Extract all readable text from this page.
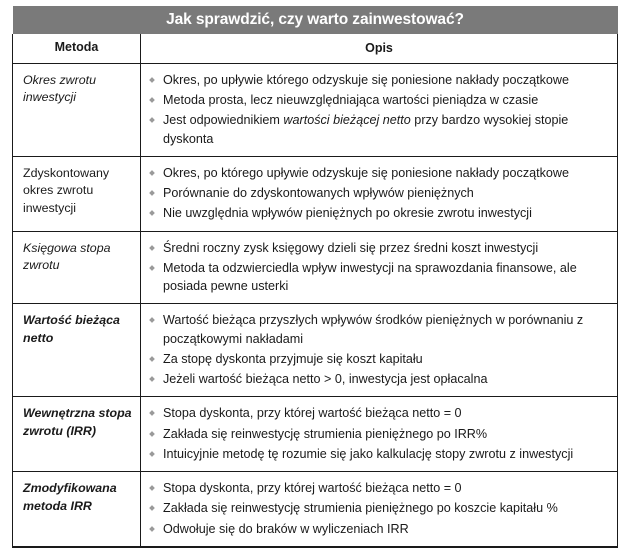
Jak sprawdzić, czy warto zainwestować?	
Metoda	Opis
Okres zwrotu inwestycji	
Okres, po upływie którego odzyskuje się poniesione nakłady początkowe
Metoda prosta, lecz nieuwzględniająca wartości pieniądza w czasie
Jest odpowiednikiem wartości bieżącej netto przy bardzo wysokiej stopie dyskonta

Zdyskontowany okres zwrotu inwestycji	
Okres, po którego upływie odzyskuje się poniesione nakłady początkowe
Porównanie do zdyskontowanych wpływów pieniężnych
Nie uwzględnia wpływów pieniężnych po okresie zwrotu inwestycji

Księgowa stopa zwrotu	
Średni roczny zysk księgowy dzieli się przez średni koszt inwestycji
Metoda ta odzwierciedla wpływ inwestycji na sprawozdania finansowe, ale posiada pewne usterki

Wartość bieżąca netto	
Wartość bieżąca przyszłych wpływów środków pieniężnych w porównaniu z początkowymi nakładami
Za stopę dyskonta przyjmuje się koszt kapitału
Jeżeli wartość bieżąca netto > 0, inwestycja jest opłacalna

Wewnętrzna stopa zwrotu (IRR)	
Stopa dyskonta, przy której wartość bieżąca netto = 0
Zakłada się reinwestycję strumienia pieniężnego po IRR%
Intuicyjnie metodę tę rozumie się jako kalkulację stopy zwrotu z inwestycji

Zmodyfikowana metoda IRR	
Stopa dyskonta, przy której wartość bieżąca netto = 0
Zakłada się reinwestycję strumienia pieniężnego po koszcie kapitału %
Odwołuje się do braków w wyliczeniach IRR
